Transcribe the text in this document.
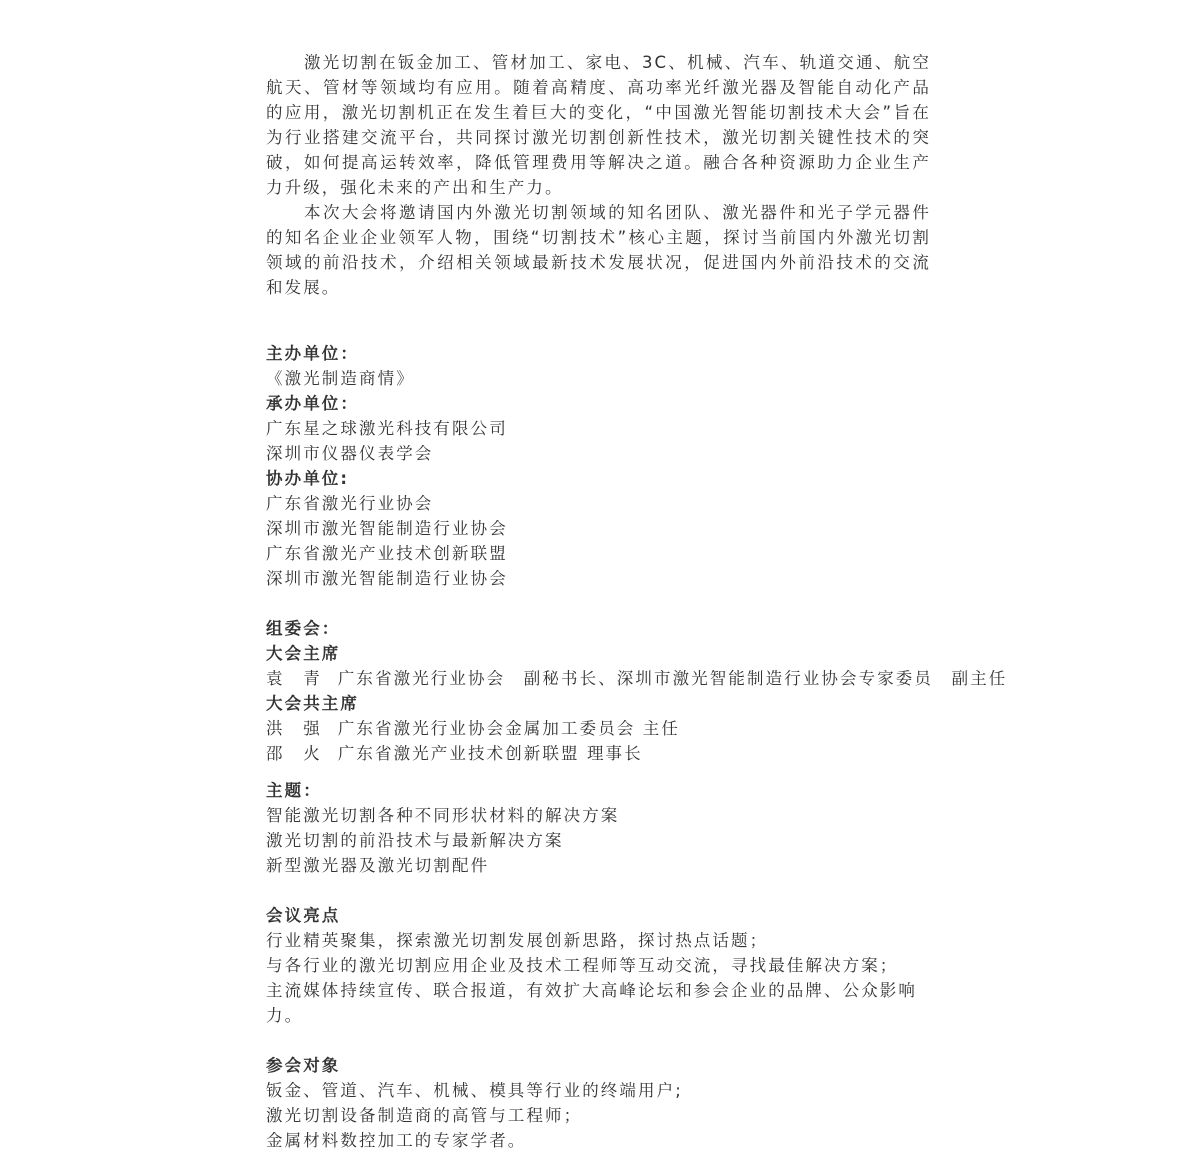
激光切割在钣金加工、管材加工、家电、3C、机械、汽车、轨道交通、航空航天、管材等领域均有应用。随着高精度、高功率光纤激光器及智能自动化产品的应用，激光切割机正在发生着巨大的变化，“中国激光智能切割技术大会”旨在为行业搭建交流平台，共同探讨激光切割创新性技术，激光切割关键性技术的突破，如何提高运转效率，降低管理费用等解决之道。融合各种资源助力企业生产力升级，强化未来的产出和生产力。

本次大会将邀请国内外激光切割领域的知名团队、激光器件和光子学元器件的知名企业企业领军人物，围绕“切割技术”核心主题，探讨当前国内外激光切割领域的前沿技术，介绍相关领域最新技术发展状况，促进国内外前沿技术的交流和发展。

主办单位：
《激光制造商情》
承办单位：
广东星之球激光科技有限公司
深圳市仪器仪表学会
协办单位:
广东省激光行业协会
深圳市激光智能制造行业协会
广东省激光产业技术创新联盟
深圳市激光智能制造行业协会
组委会：
大会主席
袁　青 广东省激光行业协会　副秘书长、深圳市激光智能制造行业协会专家委员　副主任
大会共主席
洪　强 广东省激光行业协会金属加工委员会 主任
邵　火 广东省激光产业技术创新联盟 理事长
主题：
智能激光切割各种不同形状材料的解决方案
激光切割的前沿技术与最新解决方案
新型激光器及激光切割配件
会议亮点
行业精英聚集，探索激光切割发展创新思路，探讨热点话题；
与各行业的激光切割应用企业及技术工程师等互动交流，寻找最佳解决方案；
主流媒体持续宣传、联合报道，有效扩大高峰论坛和参会企业的品牌、公众影响力。
参会对象
钣金、管道、汽车、机械、模具等行业的终端用户;
激光切割设备制造商的高管与工程师；
金属材料数控加工的专家学者。
